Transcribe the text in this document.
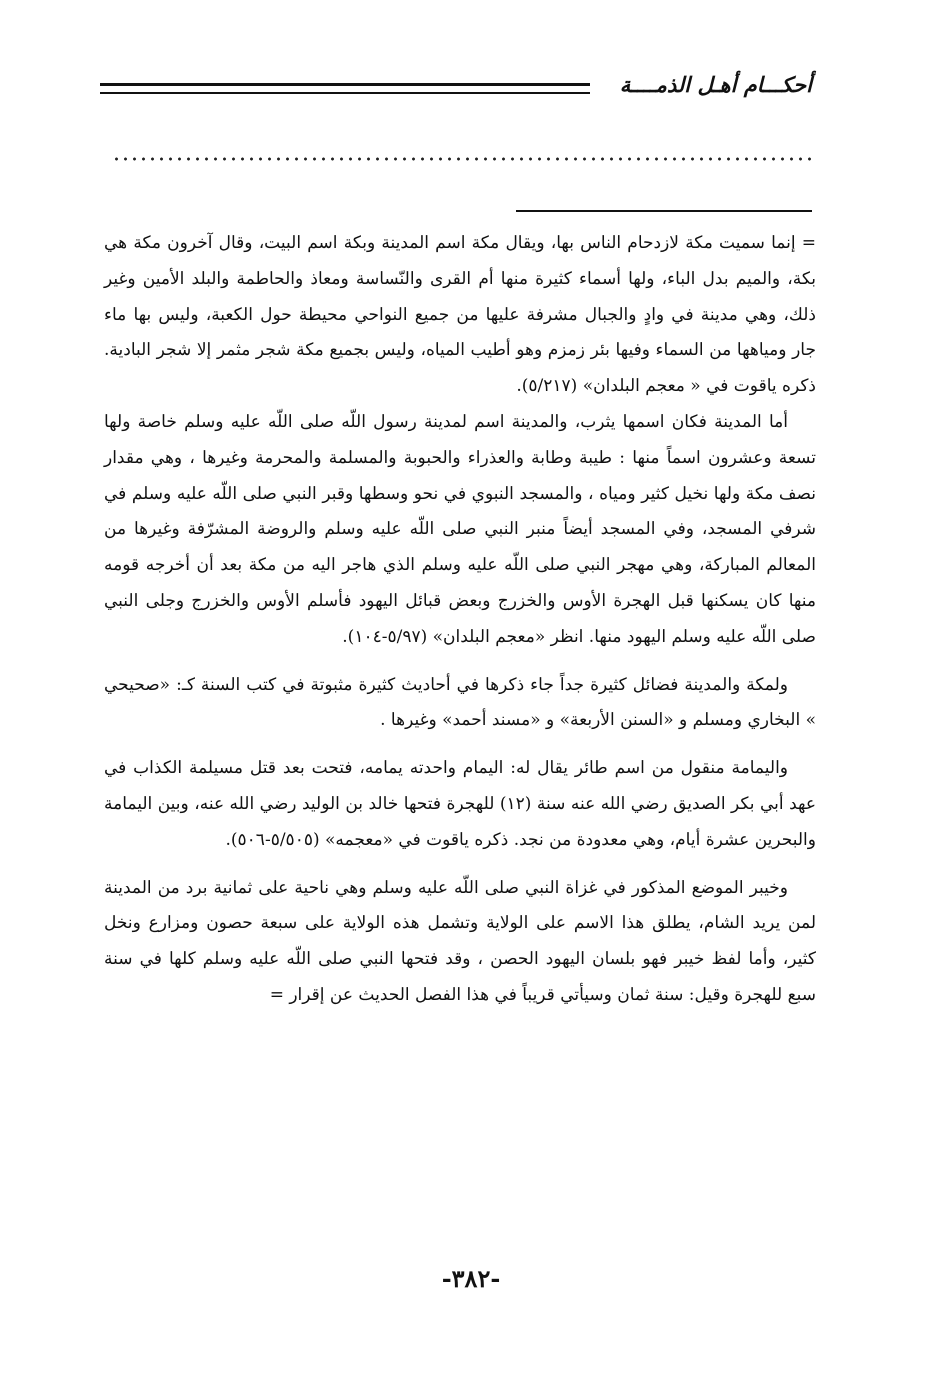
أحكـــام أهـل الذمــــة

= إنما سميت مكة لازدحام الناس بها، ويقال مكة اسم المدينة وبكة اسم البيت، وقال آخرون مكة هي بكة، والميم بدل الباء، ولها أسماء كثيرة منها أم القرى والنّساسة ومعاذ والحاطمة والبلد الأمين وغير ذلك، وهي مدينة في وادٍ والجبال مشرفة عليها من جميع النواحي محيطة حول الكعبة، وليس بها ماء جار ومياهها من السماء وفيها بئر زمزم وهو أطيب المياه، وليس بجميع مكة شجر مثمر إلا شجر البادية. ذكره ياقوت في « معجم البلدان» (٥/٢١٧).

أما المدينة فكان اسمها يثرب، والمدينة اسم لمدينة رسول اللّه صلى اللّه عليه وسلم خاصة ولها تسعة وعشرون اسماً منها : طيبة وطابة والعذراء والحبوبة والمسلمة والمحرمة وغيرها ، وهي مقدار نصف مكة ولها نخيل كثير ومياه ، والمسجد النبوي في نحو وسطها وقبر النبي صلى اللّه عليه وسلم في شرفي المسجد، وفي المسجد أيضاً منبر النبي صلى اللّه عليه وسلم والروضة المشرّفة وغيرها من المعالم المباركة، وهي مهجر النبي صلى اللّه عليه وسلم الذي هاجر اليه من مكة بعد أن أخرجه قومه منها كان يسكنها قبل الهجرة الأوس والخزرج وبعض قبائل اليهود فأسلم الأوس والخزرج وجلى النبي صلى اللّه عليه وسلم اليهود منها. انظر «معجم البلدان» (٥/٩٧-١٠٤).

ولمكة والمدينة فضائل كثيرة جداً جاء ذكرها في أحاديث كثيرة مثبوتة في كتب السنة كـ: «صحيحي » البخاري ومسلم و «السنن الأربعة» و «مسند أحمد» وغيرها .

واليمامة منقول من اسم طائر يقال له: اليمام واحدته يمامه، فتحت بعد قتل مسيلمة الكذاب في عهد أبي بكر الصديق رضي الله عنه سنة (١٢) للهجرة فتحها خالد بن الوليد رضي الله عنه، وبين اليمامة والبحرين عشرة أيام، وهي معدودة من نجد. ذكره ياقوت في «معجمه» (٥/٥٠٥-٥٠٦).

وخيبر الموضع المذكور في غزاة النبي صلى اللّه عليه وسلم وهي ناحية على ثمانية برد من المدينة لمن يريد الشام، يطلق هذا الاسم على الولاية وتشمل هذه الولاية على سبعة حصون ومزارع ونخل كثير، وأما لفظ خيبر فهو بلسان اليهود الحصن ، وقد فتحها النبي صلى اللّه عليه وسلم كلها في سنة سبع للهجرة وقيل: سنة ثمان وسيأتي قريباً في هذا الفصل الحديث عن إقرار =

-٣٨٢-
